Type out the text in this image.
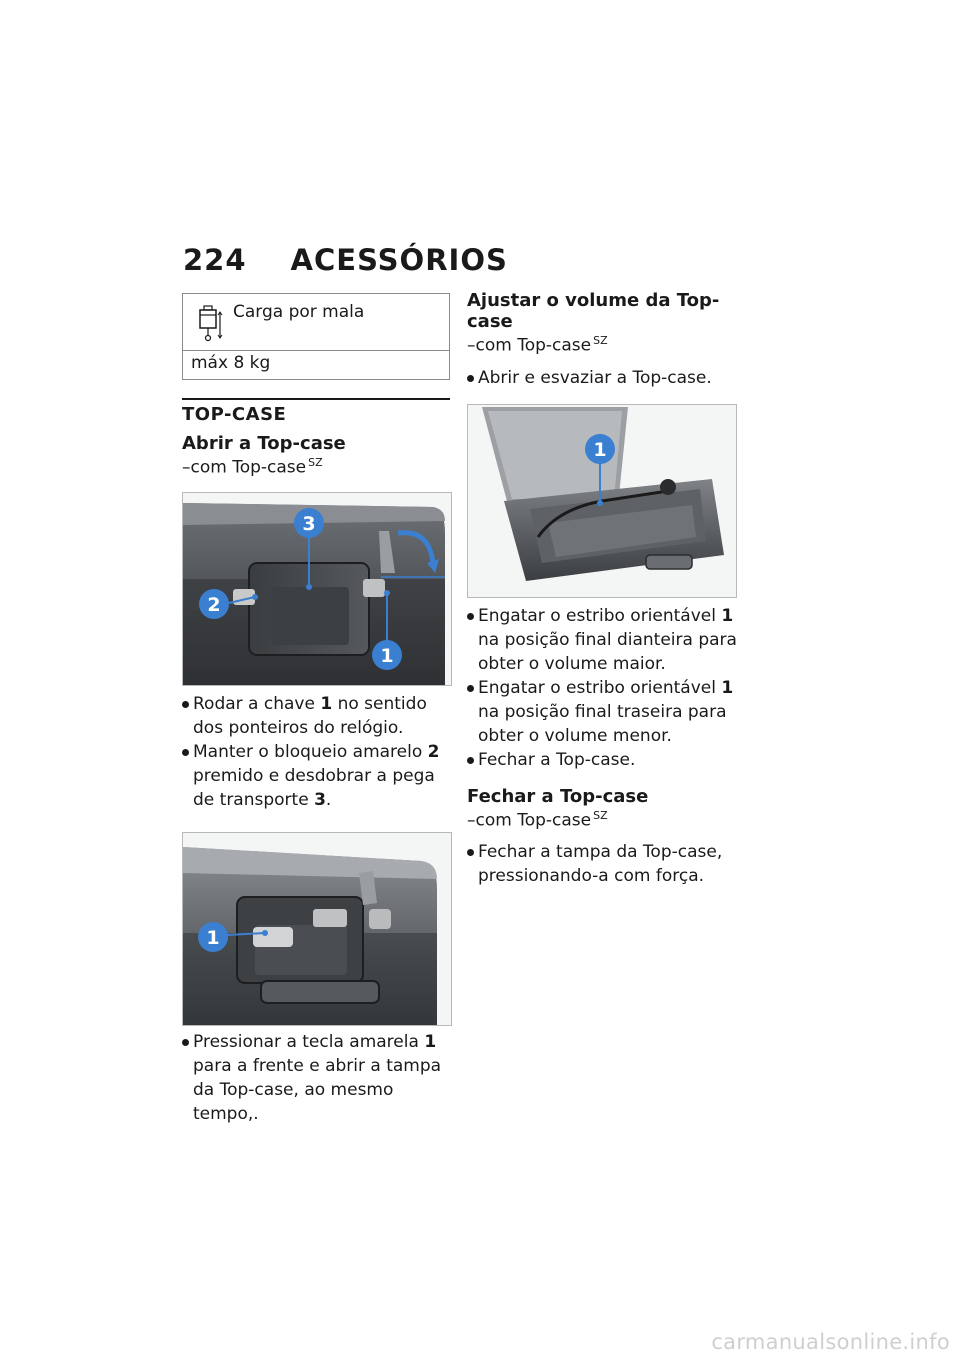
224 ACESSÓRIOS
Carga por mala
máx 8 kg
TOP-CASE
Abrir a Top-case
–com Top-case $^{SZ}$
3
2
1
Rodar a chave 1 no sentido dos ponteiros do relógio.
Manter o bloqueio amarelo 2 premido e desdobrar a pega de transporte 3.
1
Pressionar a tecla amarela 1 para a frente e abrir a tampa da Top-case, ao mesmo tempo,.
Ajustar o volume da Top-case
–com Top-case $^{SZ}$
Abrir e esvaziar a Top-case.
1
Engatar o estribo orientável 1 na posição final dianteira para obter o volume maior.
Engatar o estribo orientável 1 na posição final traseira para obter o volume menor.
Fechar a Top-case.
Fechar a Top-case
–com Top-case $^{SZ}$
Fechar a tampa da Top-case, pressionando-a com força.
carmanualsonline.info
